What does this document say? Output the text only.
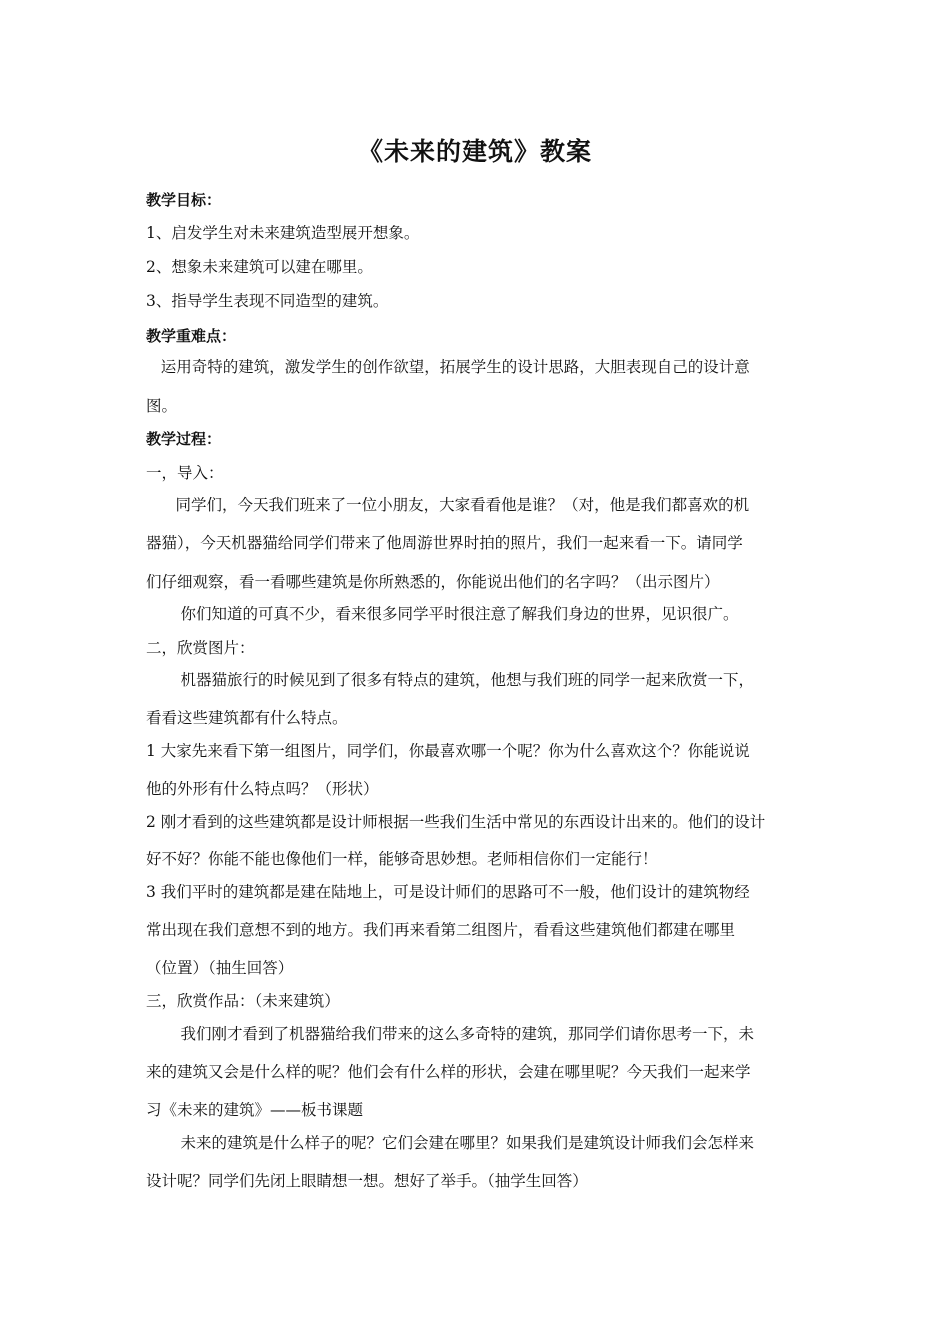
《未来的建筑》教案
教学目标：
1、启发学生对未来建筑造型展开想象。
2、想象未来建筑可以建在哪里。
3、指导学生表现不同造型的建筑。
教学重难点：
运用奇特的建筑，激发学生的创作欲望，拓展学生的设计思路，大胆表现自己的设计意
图。
教学过程：
一，导入：
同学们，今天我们班来了一位小朋友，大家看看他是谁？（对，他是我们都喜欢的机
器猫），今天机器猫给同学们带来了他周游世界时拍的照片，我们一起来看一下。请同学
们仔细观察，看一看哪些建筑是你所熟悉的，你能说出他们的名字吗？（出示图片）
你们知道的可真不少，看来很多同学平时很注意了解我们身边的世界，见识很广。
二，欣赏图片：
机器猫旅行的时候见到了很多有特点的建筑，他想与我们班的同学一起来欣赏一下，
看看这些建筑都有什么特点。
1 大家先来看下第一组图片，同学们，你最喜欢哪一个呢？你为什么喜欢这个？你能说说
他的外形有什么特点吗？（形状）
2 刚才看到的这些建筑都是设计师根据一些我们生活中常见的东西设计出来的。他们的设计
好不好？你能不能也像他们一样，能够奇思妙想。老师相信你们一定能行！
3 我们平时的建筑都是建在陆地上，可是设计师们的思路可不一般，他们设计的建筑物经
常出现在我们意想不到的地方。我们再来看第二组图片，看看这些建筑他们都建在哪里
（位置）（抽生回答）
三，欣赏作品：（未来建筑）
我们刚才看到了机器猫给我们带来的这么多奇特的建筑，那同学们请你思考一下，未
来的建筑又会是什么样的呢？他们会有什么样的形状，会建在哪里呢？今天我们一起来学
习《未来的建筑》——板书课题
未来的建筑是什么样子的呢？它们会建在哪里？如果我们是建筑设计师我们会怎样来
设计呢？同学们先闭上眼睛想一想。想好了举手。（抽学生回答）
